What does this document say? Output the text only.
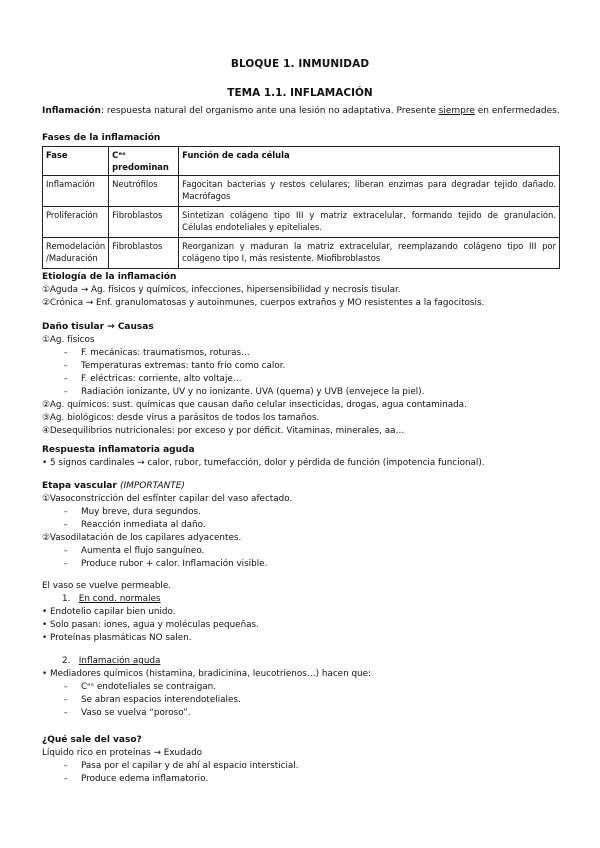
BLOQUE 1. INMUNIDAD
TEMA 1.1. INFLAMACIÓN
Inflamación: respuesta natural del organismo ante una lesión no adaptativa. Presente siempre en enfermedades.
Fases de la inflamación
Fase	Cᵉˢ predominan	Función de cada célula
Inflamación	Neutrófilos	Fagocitan bacterias y restos celulares; liberan enzimas para degradar tejido dañado. Macrófagos
Proliferación	Fibroblastos	Sintetizan colágeno tipo III y matriz extracelular, formando tejido de granulación. Células endoteliales y epiteliales.
Remodelación /Maduración	Fibroblastos	Reorganizan y maduran la matriz extracelular, reemplazando colágeno tipo III por colágeno tipo I, más resistente. Miofibroblastos
Etiología de la inflamación
①Aguda → Ag. físicos y químicos, infecciones, hipersensibilidad y necrosis tisular.
②Crónica → Enf. granulomatosas y autoinmunes, cuerpos extraños y MO resistentes a la fagocitosis.
Daño tisular → Causas
①Ag. físicos
- F. mecánicas: traumatismos, roturas…
- Temperaturas extremas: tanto frío como calor.
- F. eléctricas: corriente, alto voltaje…
- Radiación ionizante, UV y no ionizante. UVA (quema) y UVB (envejece la piel).
②Ag. químicos: sust. químicas que causan daño celular insecticidas, drogas, agua contaminada.
③Ag. biológicos: desde virus a parásitos de todos los tamaños.
④Desequilibrios nutricionales: por exceso y por déficit. Vitaminas, minerales, aa…
Respuesta inflamatoria aguda
• 5 signos cardinales → calor, rubor, tumefacción, dolor y pérdida de función (impotencia funcional).
Etapa vascular (IMPORTANTE)
①Vasoconstricción del esfínter capilar del vaso afectado.
- Muy breve, dura segundos.
- Reacción inmediata al daño.
②Vasodilatación de los capilares adyacentes.
- Aumenta el flujo sanguíneo.
- Produce rubor + calor. Inflamación visible.
El vaso se vuelve permeable.
1. En cond. normales
• Endotelio capilar bien unido.
• Solo pasan: iones, agua y moléculas pequeñas.
• Proteínas plasmáticas NO salen.
2. Inflamación aguda
• Mediadores químicos (histamina, bradicinina, leucotrienos…) hacen que:
- Cᵉˢ endoteliales se contraigan.
- Se abran espacios interendoteliales.
- Vaso se vuelva “poroso”.
¿Qué sale del vaso?
Líquido rico en proteínas → Exudado
- Pasa por el capilar y de ahí al espacio intersticial.
- Produce edema inflamatorio.
